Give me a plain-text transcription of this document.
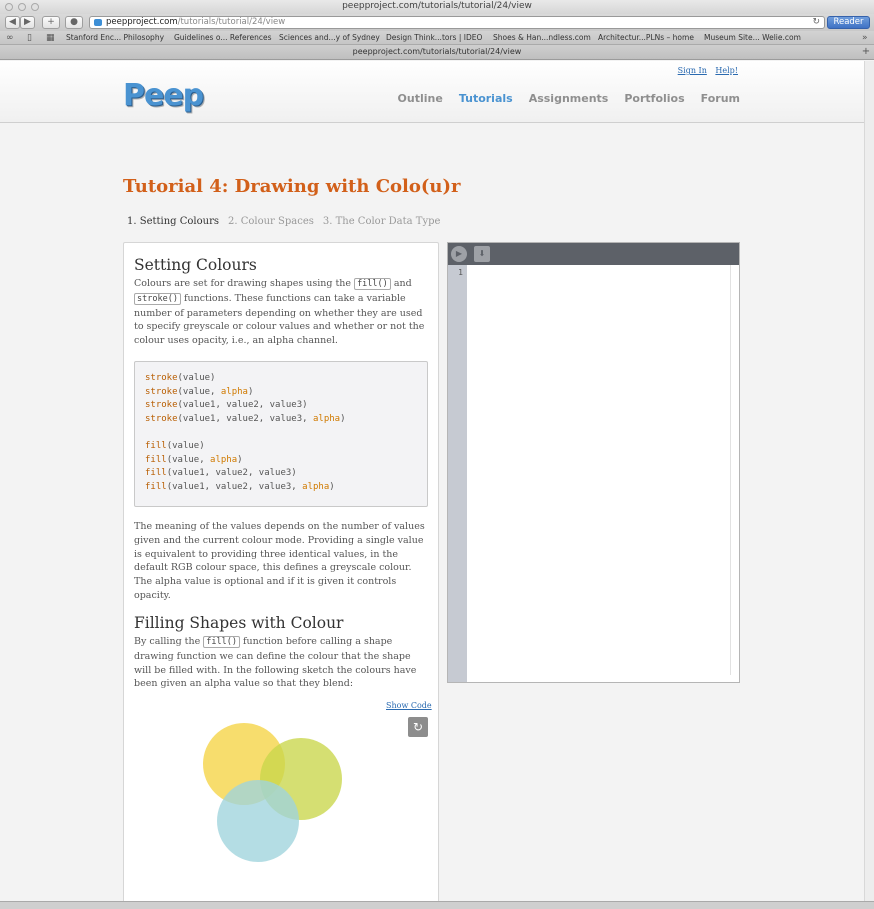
peepproject.com/tutorials/tutorial/24/view
◀ ▶	+	●	peepproject.com/tutorials/tutorial/24/view	↻	Reader
∞ ▯ ▦ Stanford Enc... Philosophy Guidelines o... References Sciences and...y of Sydney Design Think...tors | IDEO Shoes & Han...ndless.com Architectur...PLNs – home Museum Site... Welie.com	»
peepproject.com/tutorials/tutorial/24/view	+
Peep
Sign In Help!
Outline Tutorials Assignments Portfolios Forum
Tutorial 4: Drawing with Colo(u)r
1. Setting Colours 2. Colour Spaces 3. The Color Data Type
Setting Colours
Colours are set for drawing shapes using the fill() and stroke() functions. These functions can take a variable number of parameters depending on whether they are used to specify greyscale or colour values and whether or not the colour uses opacity, i.e., an alpha channel.
stroke(value)
stroke(value, alpha)
stroke(value1, value2, value3)
stroke(value1, value2, value3, alpha)
fill(value)
fill(value, alpha)
fill(value1, value2, value3)
fill(value1, value2, value3, alpha)
The meaning of the values depends on the number of values given and the current colour mode. Providing a single value is equivalent to providing three identical values, in the default RGB colour space, this defines a greyscale colour. The alpha value is optional and if it is given it controls opacity.
Filling Shapes with Colour
By calling the fill() function before calling a shape drawing function we can define the colour that the shape will be filled with. In the following sketch the colours have been given an alpha value so that they blend:
Show Code
↻
▶	⬇
1
